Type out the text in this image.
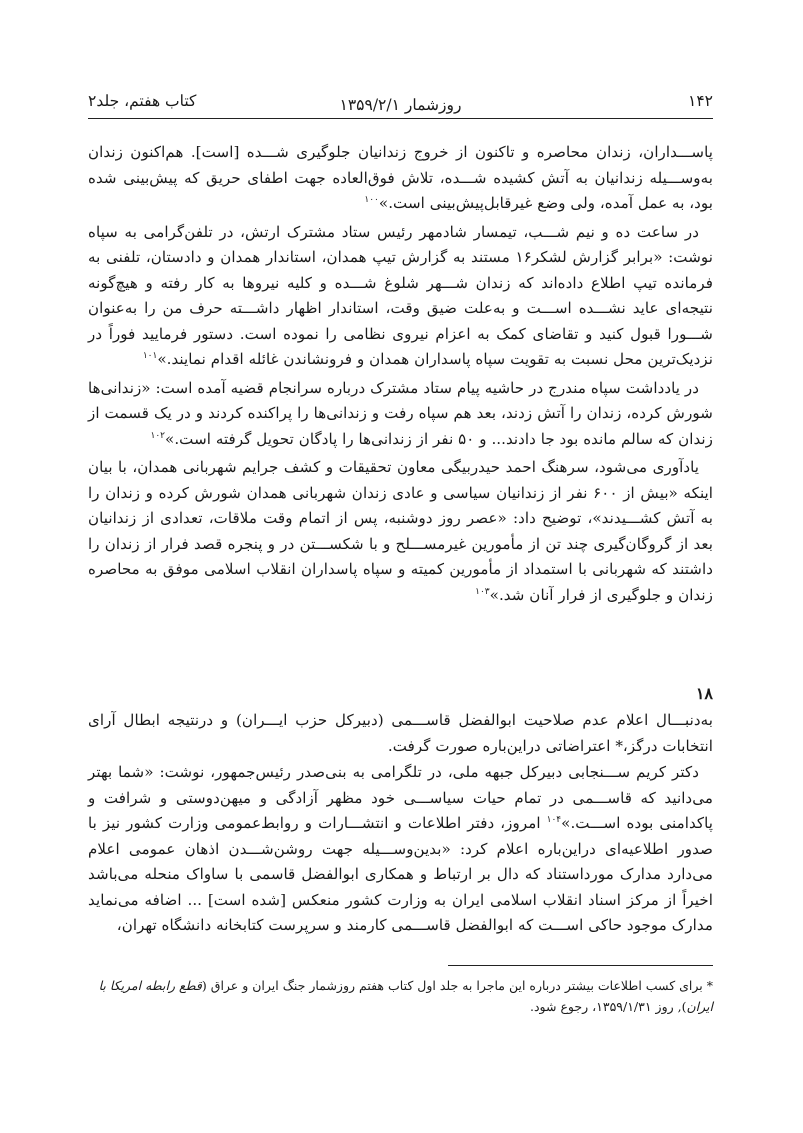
۱۴۲
روزشمار ۱۳۵۹/۲/۱
کتاب هفتم، جلد۲

پاســـداران، زندان محاصره و تاکنون از خروج زندانیان جلوگیری شـــده [است]. هم‌اکنون زندان به‌وســـیله زندانیان به آتش کشیده شـــده، تلاش فوق‌العاده جهت اطفای حریق که پیش‌بینی شده بود، به عمل آمده، ولی وضع غیرقابل‌پیش‌بینی است.»$^{۱۰۰}$

در ساعت ده و نیم شـــب، تیمسار شادمهر رئیس ستاد مشترک ارتش، در تلفن‌گرامی به سپاه نوشت: «برابر گزارش لشکر۱۶ مستند به گزارش تیپ همدان، استاندار همدان و دادستان، تلفنی به فرمانده تیپ اطلاع داده‌اند که زندان شـــهر شلوغ شـــده و کلیه نیروها به کار رفته و هیچ‌گونه نتیجه‌ای عاید نشـــده اســـت و به‌علت ضیق وقت، استاندار اظهار داشـــته حرف من را به‌عنوان شـــورا قبول کنید و تقاضای کمک به اعزام نیروی نظامی را نموده است. دستور فرمایید فوراً در نزدیک‌ترین محل نسبت به تقویت سپاه پاسداران همدان و فرونشاندن غائله اقدام نمایند.»$^{۱۰۱}$

در یادداشت سپاه مندرج در حاشیه پیام ستاد مشترک درباره سرانجام قضیه آمده است: «زندانی‌ها شورش کرده، زندان را آتش زدند، بعد هم سپاه رفت و زندانی‌ها را پراکنده کردند و در یک قسمت از زندان که سالم مانده بود جا دادند... و ۵۰ نفر از زندانی‌ها را پادگان تحویل گرفته است.»$^{۱۰۲}$

یادآوری می‌شود، سرهنگ احمد حیدربیگی معاون تحقیقات و کشف جرایم شهربانی همدان، با بیان اینکه «بیش از ۶۰۰ نفر از زندانیان سیاسی و عادی زندان شهربانی همدان شورش کرده و زندان را به آتش کشـــیدند»، توضیح داد: «عصر روز دوشنبه، پس از اتمام وقت ملاقات، تعدادی از زندانیان بعد از گروگان‌گیری چند تن از مأمورین غیرمســـلح و با شکســـتن در و پنجره قصد فرار از زندان را داشتند که شهربانی با استمداد از مأمورین کمیته و سپاه پاسداران انقلاب اسلامی موفق به محاصره زندان و جلوگیری از فرار آنان شد.»$^{۱۰۳}$

۱۸

به‌دنبـــال اعلام عدم صلاحیت ابوالفضل قاســـمی (دبیرکل حزب ایـــران) و درنتیجه ابطال آرای انتخابات درگز،* اعتراضاتی دراین‌باره صورت گرفت.

دکتر کریم ســـنجابی دبیرکل جبهه ملی، در تلگرامی به بنی‌صدر رئیس‌جمهور، نوشت: «شما بهتر می‌دانید که قاســـمی در تمام حیات سیاســـی خود مظهر آزادگی و میهن‌دوستی و شرافت و پاکدامنی بوده اســـت.»$^{۱۰۴}$ امروز، دفتر اطلاعات و انتشـــارات و روابط‌عمومی وزارت کشور نیز با صدور اطلاعیه‌ای دراین‌باره اعلام کرد: «بدین‌وســـیله جهت روشن‌شـــدن اذهان عمومی اعلام می‌دارد مدارک مورداستناد که دال بر ارتباط و همکاری ابوالفضل قاسمی با ساواک منحله می‌باشد اخیراً از مرکز اسناد انقلاب اسلامی ایران به وزارت کشور منعکس [شده است] ... اضافه می‌نماید مدارک موجود حاکی اســـت که ابوالفضل قاســـمی کارمند و سرپرست کتابخانه دانشگاه تهران،

* برای کسب اطلاعات بیشتر درباره این ماجرا به جلد اول کتاب هفتم روزشمار جنگ ایران و عراق (قطع رابطه امریکا با ایران), روز ۱۳۵۹/۱/۳۱، رجوع شود.
